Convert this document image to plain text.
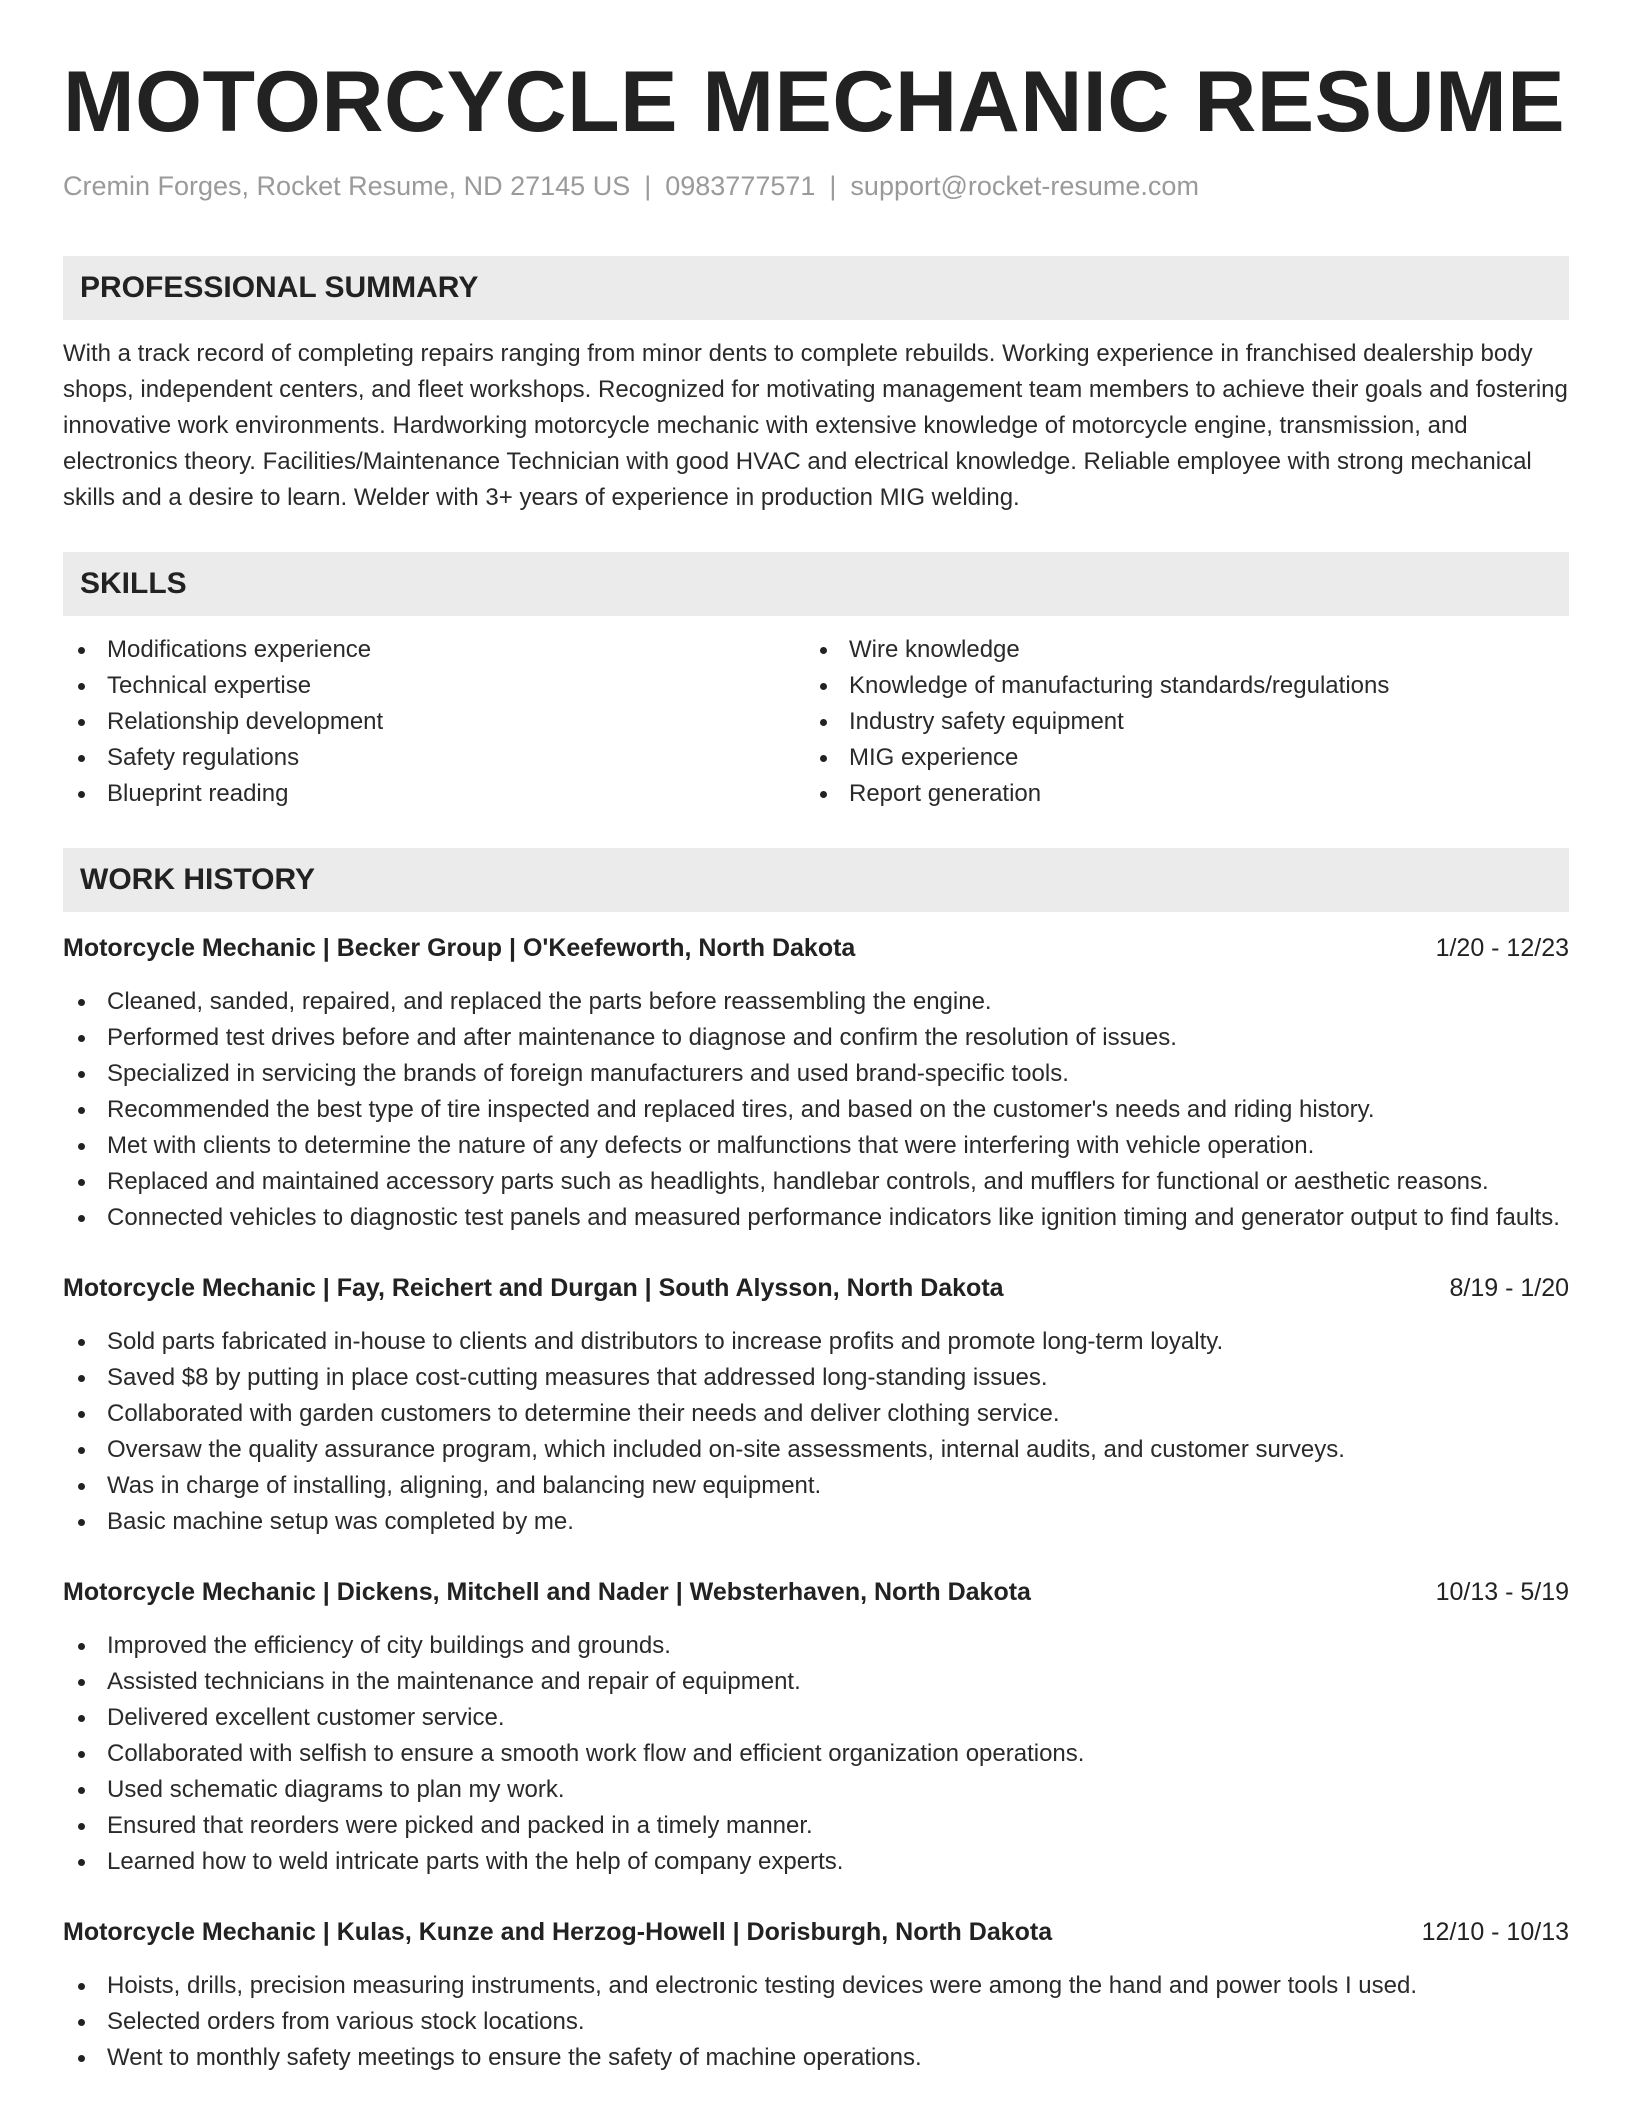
MOTORCYCLE MECHANIC RESUME
Cremin Forges, Rocket Resume, ND 27145 US | 0983777571 | support@rocket-resume.com
PROFESSIONAL SUMMARY
With a track record of completing repairs ranging from minor dents to complete rebuilds. Working experience in franchised dealership body shops, independent centers, and fleet workshops. Recognized for motivating management team members to achieve their goals and fostering innovative work environments. Hardworking motorcycle mechanic with extensive knowledge of motorcycle engine, transmission, and electronics theory. Facilities/Maintenance Technician with good HVAC and electrical knowledge. Reliable employee with strong mechanical skills and a desire to learn. Welder with 3+ years of experience in production MIG welding.
SKILLS
Modifications experience
Technical expertise
Relationship development
Safety regulations
Blueprint reading
Wire knowledge
Knowledge of manufacturing standards/regulations
Industry safety equipment
MIG experience
Report generation
WORK HISTORY
Motorcycle Mechanic | Becker Group | O'Keefeworth, North Dakota	1/20 - 12/23
Cleaned, sanded, repaired, and replaced the parts before reassembling the engine.
Performed test drives before and after maintenance to diagnose and confirm the resolution of issues.
Specialized in servicing the brands of foreign manufacturers and used brand-specific tools.
Recommended the best type of tire inspected and replaced tires, and based on the customer's needs and riding history.
Met with clients to determine the nature of any defects or malfunctions that were interfering with vehicle operation.
Replaced and maintained accessory parts such as headlights, handlebar controls, and mufflers for functional or aesthetic reasons.
Connected vehicles to diagnostic test panels and measured performance indicators like ignition timing and generator output to find faults.
Motorcycle Mechanic | Fay, Reichert and Durgan | South Alysson, North Dakota	8/19 - 1/20
Sold parts fabricated in-house to clients and distributors to increase profits and promote long-term loyalty.
Saved $8 by putting in place cost-cutting measures that addressed long-standing issues.
Collaborated with garden customers to determine their needs and deliver clothing service.
Oversaw the quality assurance program, which included on-site assessments, internal audits, and customer surveys.
Was in charge of installing, aligning, and balancing new equipment.
Basic machine setup was completed by me.
Motorcycle Mechanic | Dickens, Mitchell and Nader | Websterhaven, North Dakota	10/13 - 5/19
Improved the efficiency of city buildings and grounds.
Assisted technicians in the maintenance and repair of equipment.
Delivered excellent customer service.
Collaborated with selfish to ensure a smooth work flow and efficient organization operations.
Used schematic diagrams to plan my work.
Ensured that reorders were picked and packed in a timely manner.
Learned how to weld intricate parts with the help of company experts.
Motorcycle Mechanic | Kulas, Kunze and Herzog-Howell | Dorisburgh, North Dakota	12/10 - 10/13
Hoists, drills, precision measuring instruments, and electronic testing devices were among the hand and power tools I used.
Selected orders from various stock locations.
Went to monthly safety meetings to ensure the safety of machine operations.
